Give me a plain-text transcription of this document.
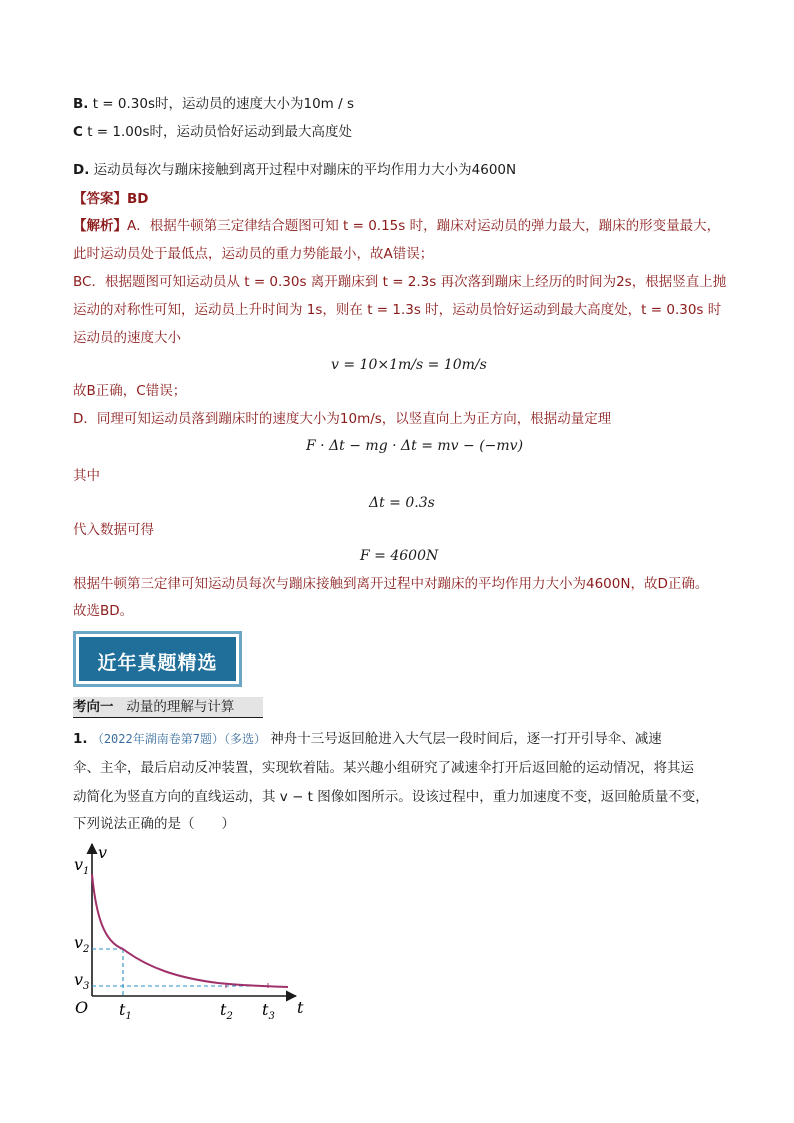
B. t = 0.30s时，运动员的速度大小为10m / s
C t = 1.00s时，运动员恰好运动到最大高度处
D. 运动员每次与蹦床接触到离开过程中对蹦床的平均作用力大小为4600N
【答案】BD
【解析】A．根据牛顿第三定律结合题图可知 t = 0.15s 时，蹦床对运动员的弹力最大，蹦床的形变量最大，
此时运动员处于最低点，运动员的重力势能最小，故A错误；
BC．根据题图可知运动员从 t = 0.30s 离开蹦床到 t = 2.3s 再次落到蹦床上经历的时间为2s，根据竖直上抛
运动的对称性可知，运动员上升时间为 1s，则在 t = 1.3s 时，运动员恰好运动到最大高度处，t = 0.30s 时
运动员的速度大小
v = 10×1m/s = 10m/s
故B正确，C错误；
D．同理可知运动员落到蹦床时的速度大小为10m/s，以竖直向上为正方向，根据动量定理
F · Δt − mg · Δt = mv − (−mv)
其中
Δt = 0.3s
代入数据可得
F = 4600N
根据牛顿第三定律可知运动员每次与蹦床接触到离开过程中对蹦床的平均作用力大小为4600N，故D正确。
故选BD。
近年真题精选
考向一 动量的理解与计算
1. （2022年湖南卷第7题）（多选） 神舟十三号返回舱进入大气层一段时间后，逐一打开引导伞、减速
伞、主伞，最后启动反冲装置，实现软着陆。某兴趣小组研究了减速伞打开后返回舱的运动情况，将其运
动简化为竖直方向的直线运动，其 v − t 图像如图所示。设该过程中，重力加速度不变，返回舱质量不变，
下列说法正确的是（　　）
v
t
O
$v_1$
$v_2$
$v_3$
$t_1$	$t_2$ $t_3$
